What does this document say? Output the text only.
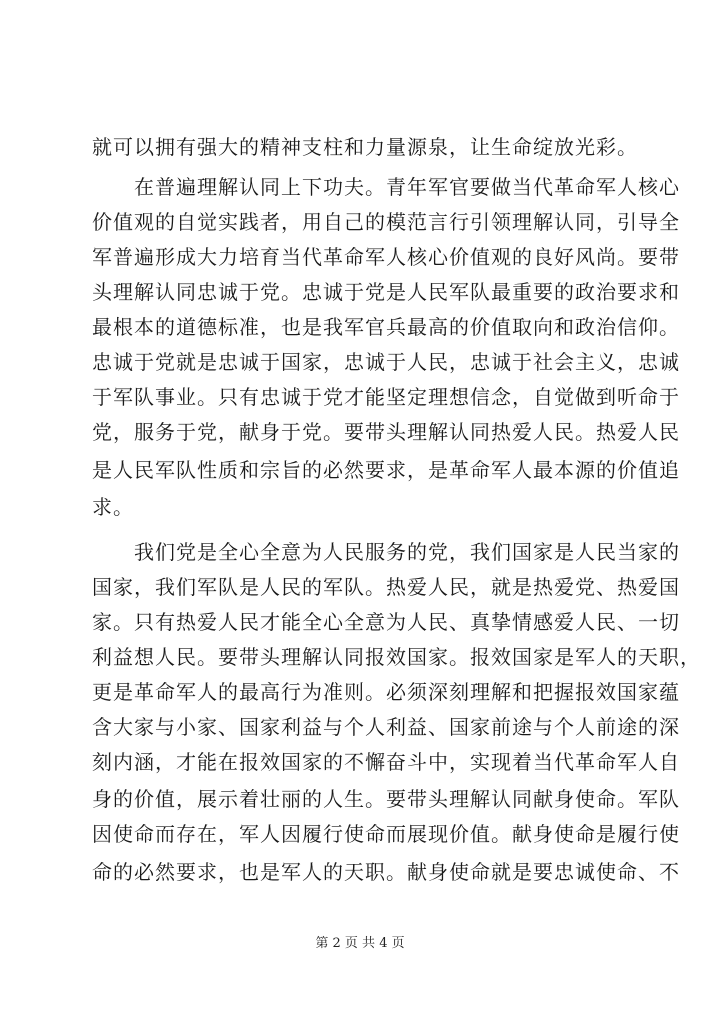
就可以拥有强大的精神支柱和力量源泉，让生命绽放光彩。
　　在普遍理解认同上下功夫。青年军官要做当代革命军人核心
价值观的自觉实践者，用自己的模范言行引领理解认同，引导全
军普遍形成大力培育当代革命军人核心价值观的良好风尚。要带
头理解认同忠诚于党。忠诚于党是人民军队最重要的政治要求和
最根本的道德标准，也是我军官兵最高的价值取向和政治信仰。
忠诚于党就是忠诚于国家，忠诚于人民，忠诚于社会主义，忠诚
于军队事业。只有忠诚于党才能坚定理想信念，自觉做到听命于
党，服务于党，献身于党。要带头理解认同热爱人民。热爱人民
是人民军队性质和宗旨的必然要求，是革命军人最本源的价值追
求。
　　我们党是全心全意为人民服务的党，我们国家是人民当家的
国家，我们军队是人民的军队。热爱人民，就是热爱党、热爱国
家。只有热爱人民才能全心全意为人民、真挚情感爱人民、一切
利益想人民。要带头理解认同报效国家。报效国家是军人的天职，
更是革命军人的最高行为准则。必须深刻理解和把握报效国家蕴
含大家与小家、国家利益与个人利益、国家前途与个人前途的深
刻内涵，才能在报效国家的不懈奋斗中，实现着当代革命军人自
身的价值，展示着壮丽的人生。要带头理解认同献身使命。军队
因使命而存在，军人因履行使命而展现价值。献身使命是履行使
命的必然要求，也是军人的天职。献身使命就是要忠诚使命、不
第 2 页 共 4 页
